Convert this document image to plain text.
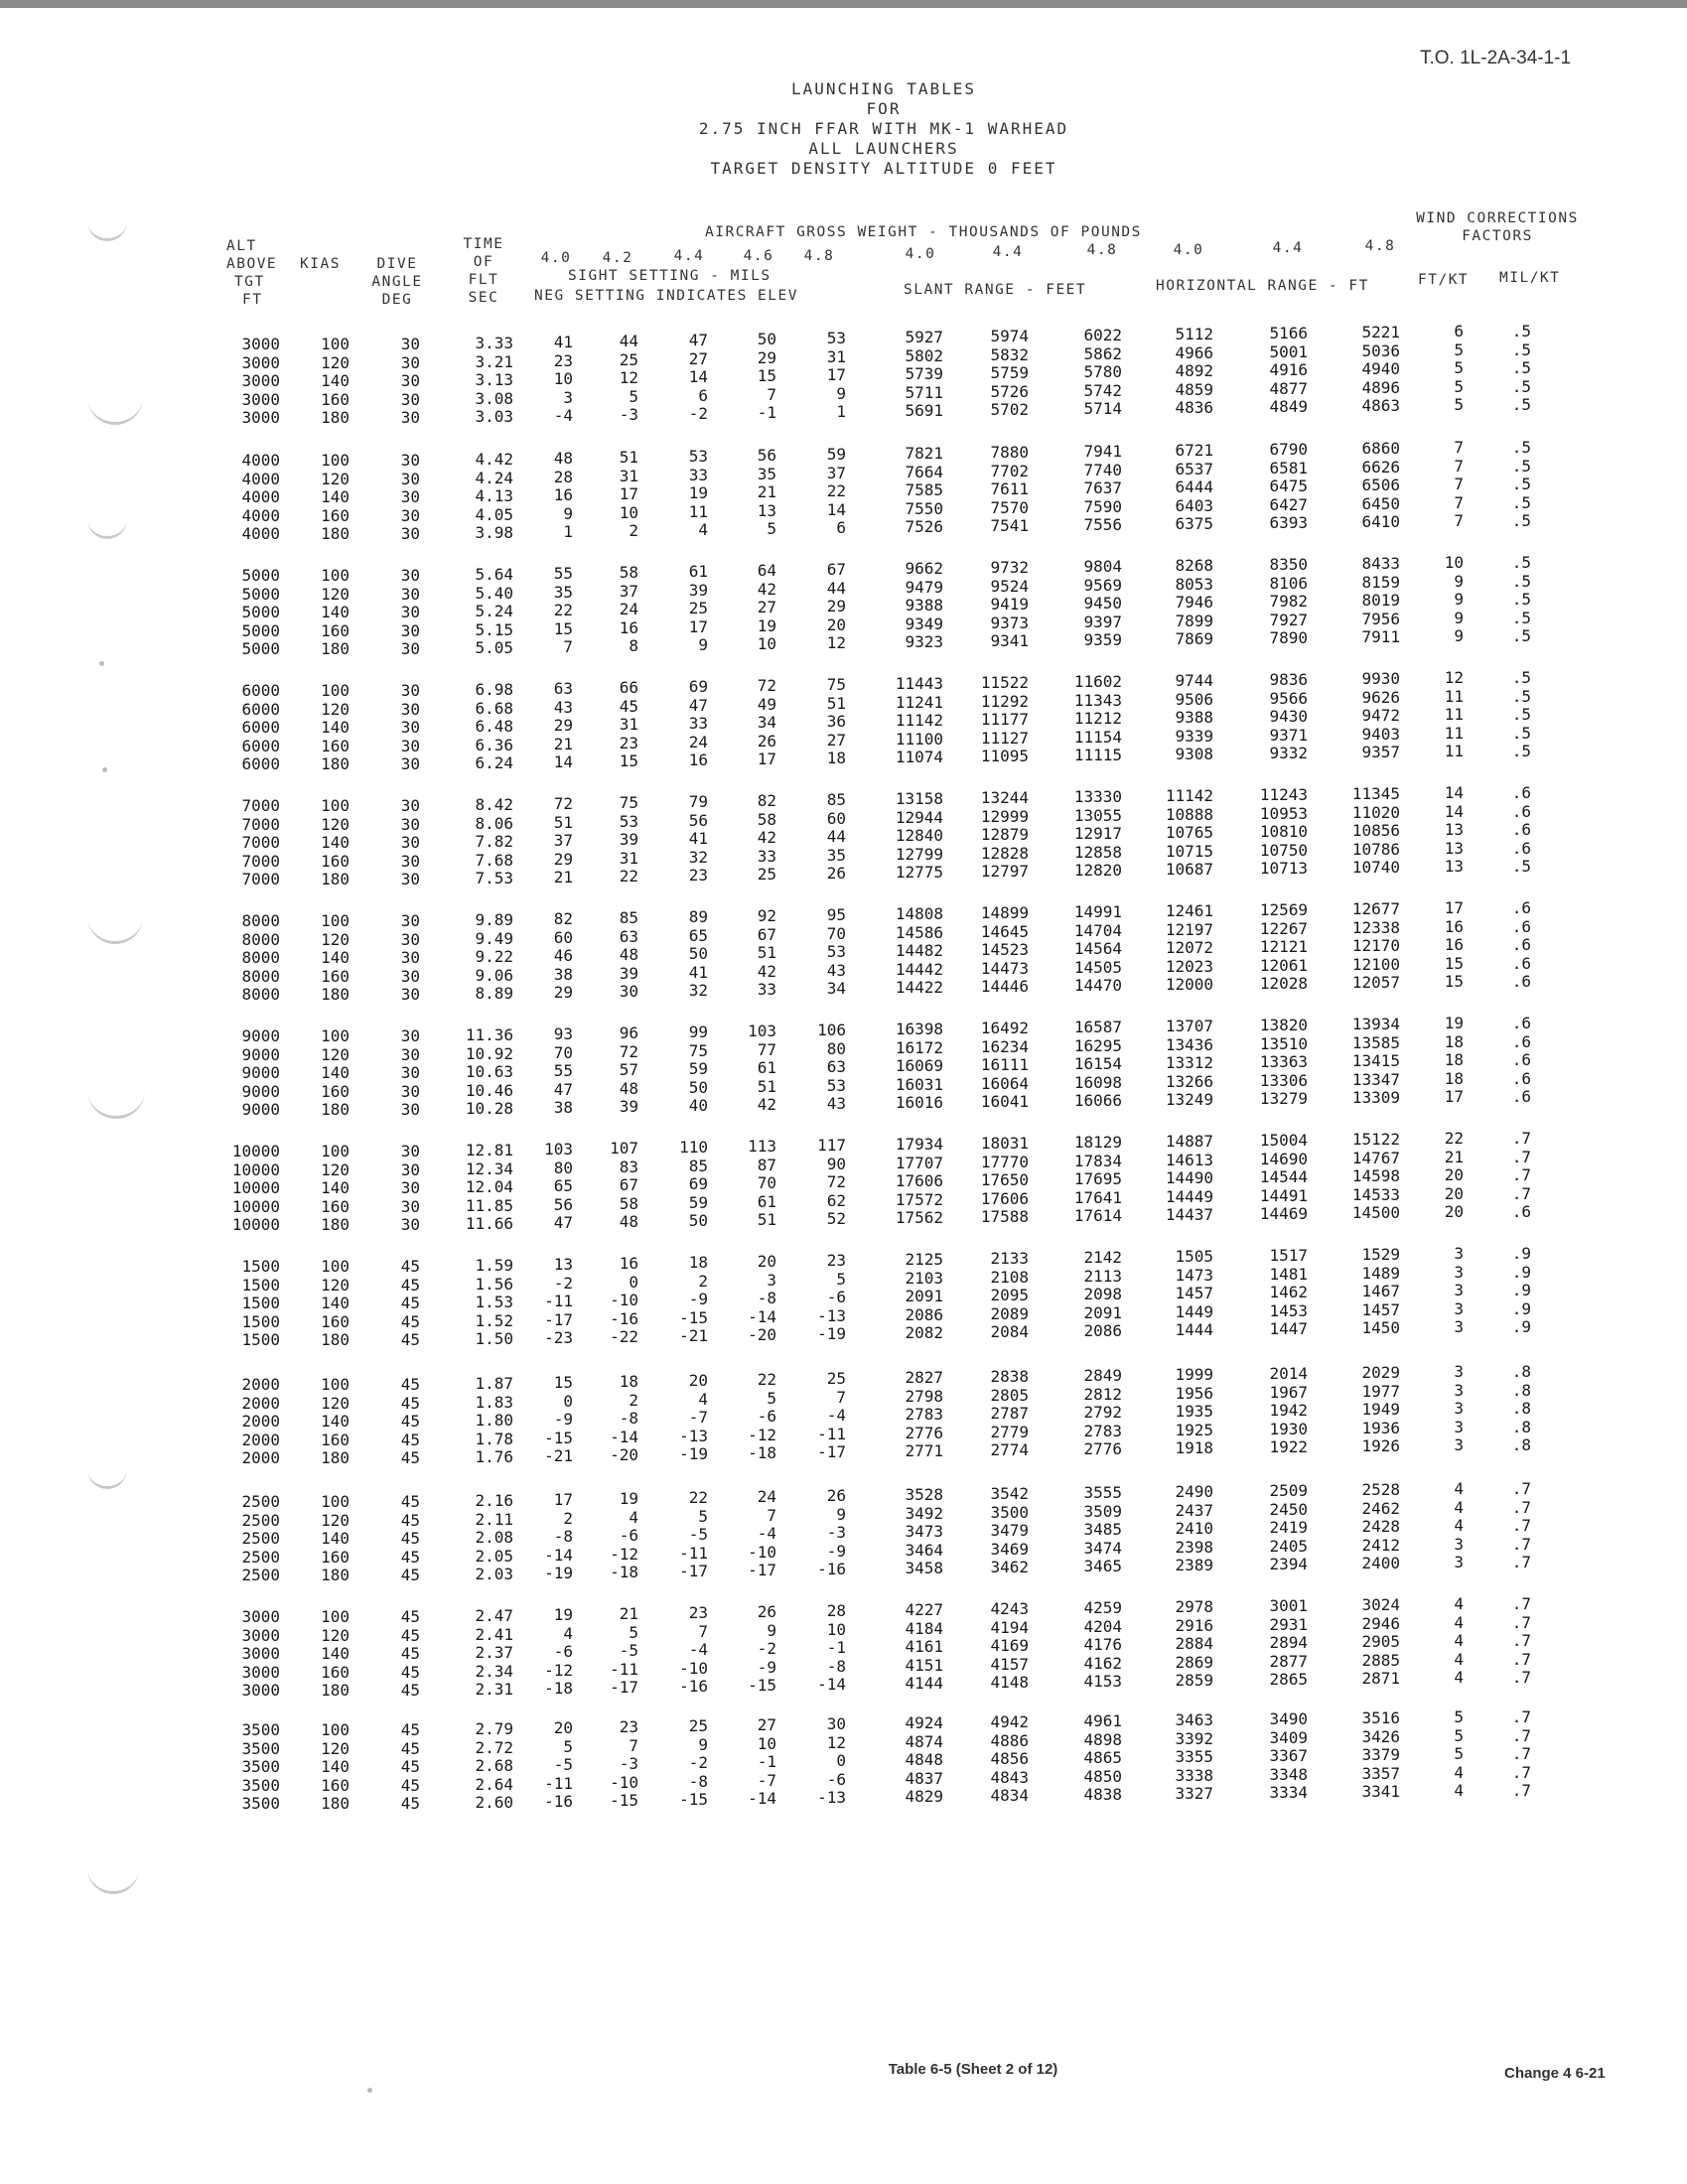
T.O. 1L-2A-34-1-1
LAUNCHING TABLES
FOR
2.75 INCH FFAR WITH MK-1 WARHEAD
ALL LAUNCHERS
TARGET DENSITY ALTITUDE 0 FEET
ALT
ABOVE
TGT
FT
KIAS	DIVE
ANGLE
DEG
TIME
OF
FLT
SEC
AIRCRAFT GROSS WEIGHT - THOUSANDS OF POUNDS
4.0	4.2	4.4	4.6	4.8
SIGHT SETTING - MILS
NEG SETTING INDICATES ELEV
4.0	4.4	4.8
SLANT RANGE - FEET
4.0	4.4	4.8
HORIZONTAL RANGE - FT
WIND CORRECTIONS
FACTORS
FT/KT MIL/KT
3000	100	30	3.33	41	44	47	50	53	5927	5974	6022	5112	5166	5221	6	.5
3000	120	30	3.21	23	25	27	29	31	5802	5832	5862	4966	5001	5036	5	.5
3000	140	30	3.13	10	12	14	15	17	5739	5759	5780	4892	4916	4940	5	.5
3000	160	30	3.08	3	5	6	7	9	5711	5726	5742	4859	4877	4896	5	.5
3000	180	30	3.03	-4	-3	-2	-1	1	5691	5702	5714	4836	4849	4863	5	.5
4000	100	30	4.42	48	51	53	56	59	7821	7880	7941	6721	6790	6860	7	.5
4000	120	30	4.24	28	31	33	35	37	7664	7702	7740	6537	6581	6626	7	.5
4000	140	30	4.13	16	17	19	21	22	7585	7611	7637	6444	6475	6506	7	.5
4000	160	30	4.05	9	10	11	13	14	7550	7570	7590	6403	6427	6450	7	.5
4000	180	30	3.98	1	2	4	5	6	7526	7541	7556	6375	6393	6410	7	.5
5000	100	30	5.64	55	58	61	64	67	9662	9732	9804	8268	8350	8433	10	.5
5000	120	30	5.40	35	37	39	42	44	9479	9524	9569	8053	8106	8159	9	.5
5000	140	30	5.24	22	24	25	27	29	9388	9419	9450	7946	7982	8019	9	.5
5000	160	30	5.15	15	16	17	19	20	9349	9373	9397	7899	7927	7956	9	.5
5000	180	30	5.05	7	8	9	10	12	9323	9341	9359	7869	7890	7911	9	.5
6000	100	30	6.98	63	66	69	72	75	11443	11522	11602	9744	9836	9930	12	.5
6000	120	30	6.68	43	45	47	49	51	11241	11292	11343	9506	9566	9626	11	.5
6000	140	30	6.48	29	31	33	34	36	11142	11177	11212	9388	9430	9472	11	.5
6000	160	30	6.36	21	23	24	26	27	11100	11127	11154	9339	9371	9403	11	.5
6000	180	30	6.24	14	15	16	17	18	11074	11095	11115	9308	9332	9357	11	.5
7000	100	30	8.42	72	75	79	82	85	13158	13244	13330	11142	11243	11345	14	.6
7000	120	30	8.06	51	53	56	58	60	12944	12999	13055	10888	10953	11020	14	.6
7000	140	30	7.82	37	39	41	42	44	12840	12879	12917	10765	10810	10856	13	.6
7000	160	30	7.68	29	31	32	33	35	12799	12828	12858	10715	10750	10786	13	.6
7000	180	30	7.53	21	22	23	25	26	12775	12797	12820	10687	10713	10740	13	.5
8000	100	30	9.89	82	85	89	92	95	14808	14899	14991	12461	12569	12677	17	.6
8000	120	30	9.49	60	63	65	67	70	14586	14645	14704	12197	12267	12338	16	.6
8000	140	30	9.22	46	48	50	51	53	14482	14523	14564	12072	12121	12170	16	.6
8000	160	30	9.06	38	39	41	42	43	14442	14473	14505	12023	12061	12100	15	.6
8000	180	30	8.89	29	30	32	33	34	14422	14446	14470	12000	12028	12057	15	.6
9000	100	30	11.36	93	96	99	103	106	16398	16492	16587	13707	13820	13934	19	.6
9000	120	30	10.92	70	72	75	77	80	16172	16234	16295	13436	13510	13585	18	.6
9000	140	30	10.63	55	57	59	61	63	16069	16111	16154	13312	13363	13415	18	.6
9000	160	30	10.46	47	48	50	51	53	16031	16064	16098	13266	13306	13347	18	.6
9000	180	30	10.28	38	39	40	42	43	16016	16041	16066	13249	13279	13309	17	.6
10000	100	30	12.81	103	107	110	113	117	17934	18031	18129	14887	15004	15122	22	.7
10000	120	30	12.34	80	83	85	87	90	17707	17770	17834	14613	14690	14767	21	.7
10000	140	30	12.04	65	67	69	70	72	17606	17650	17695	14490	14544	14598	20	.7
10000	160	30	11.85	56	58	59	61	62	17572	17606	17641	14449	14491	14533	20	.7
10000	180	30	11.66	47	48	50	51	52	17562	17588	17614	14437	14469	14500	20	.6
1500	100	45	1.59	13	16	18	20	23	2125	2133	2142	1505	1517	1529	3	.9
1500	120	45	1.56	-2	0	2	3	5	2103	2108	2113	1473	1481	1489	3	.9
1500	140	45	1.53	-11	-10	-9	-8	-6	2091	2095	2098	1457	1462	1467	3	.9
1500	160	45	1.52	-17	-16	-15	-14	-13	2086	2089	2091	1449	1453	1457	3	.9
1500	180	45	1.50	-23	-22	-21	-20	-19	2082	2084	2086	1444	1447	1450	3	.9
2000	100	45	1.87	15	18	20	22	25	2827	2838	2849	1999	2014	2029	3	.8
2000	120	45	1.83	0	2	4	5	7	2798	2805	2812	1956	1967	1977	3	.8
2000	140	45	1.80	-9	-8	-7	-6	-4	2783	2787	2792	1935	1942	1949	3	.8
2000	160	45	1.78	-15	-14	-13	-12	-11	2776	2779	2783	1925	1930	1936	3	.8
2000	180	45	1.76	-21	-20	-19	-18	-17	2771	2774	2776	1918	1922	1926	3	.8
2500	100	45	2.16	17	19	22	24	26	3528	3542	3555	2490	2509	2528	4	.7
2500	120	45	2.11	2	4	5	7	9	3492	3500	3509	2437	2450	2462	4	.7
2500	140	45	2.08	-8	-6	-5	-4	-3	3473	3479	3485	2410	2419	2428	4	.7
2500	160	45	2.05	-14	-12	-11	-10	-9	3464	3469	3474	2398	2405	2412	3	.7
2500	180	45	2.03	-19	-18	-17	-17	-16	3458	3462	3465	2389	2394	2400	3	.7
3000	100	45	2.47	19	21	23	26	28	4227	4243	4259	2978	3001	3024	4	.7
3000	120	45	2.41	4	5	7	9	10	4184	4194	4204	2916	2931	2946	4	.7
3000	140	45	2.37	-6	-5	-4	-2	-1	4161	4169	4176	2884	2894	2905	4	.7
3000	160	45	2.34	-12	-11	-10	-9	-8	4151	4157	4162	2869	2877	2885	4	.7
3000	180	45	2.31	-18	-17	-16	-15	-14	4144	4148	4153	2859	2865	2871	4	.7
3500	100	45	2.79	20	23	25	27	30	4924	4942	4961	3463	3490	3516	5	.7
3500	120	45	2.72	5	7	9	10	12	4874	4886	4898	3392	3409	3426	5	.7
3500	140	45	2.68	-5	-3	-2	-1	0	4848	4856	4865	3355	3367	3379	5	.7
3500	160	45	2.64	-11	-10	-8	-7	-6	4837	4843	4850	3338	3348	3357	4	.7
3500	180	45	2.60	-16	-15	-15	-14	-13	4829	4834	4838	3327	3334	3341	4	.7
Table 6-5 (Sheet 2 of 12)	Change 4 6-21
